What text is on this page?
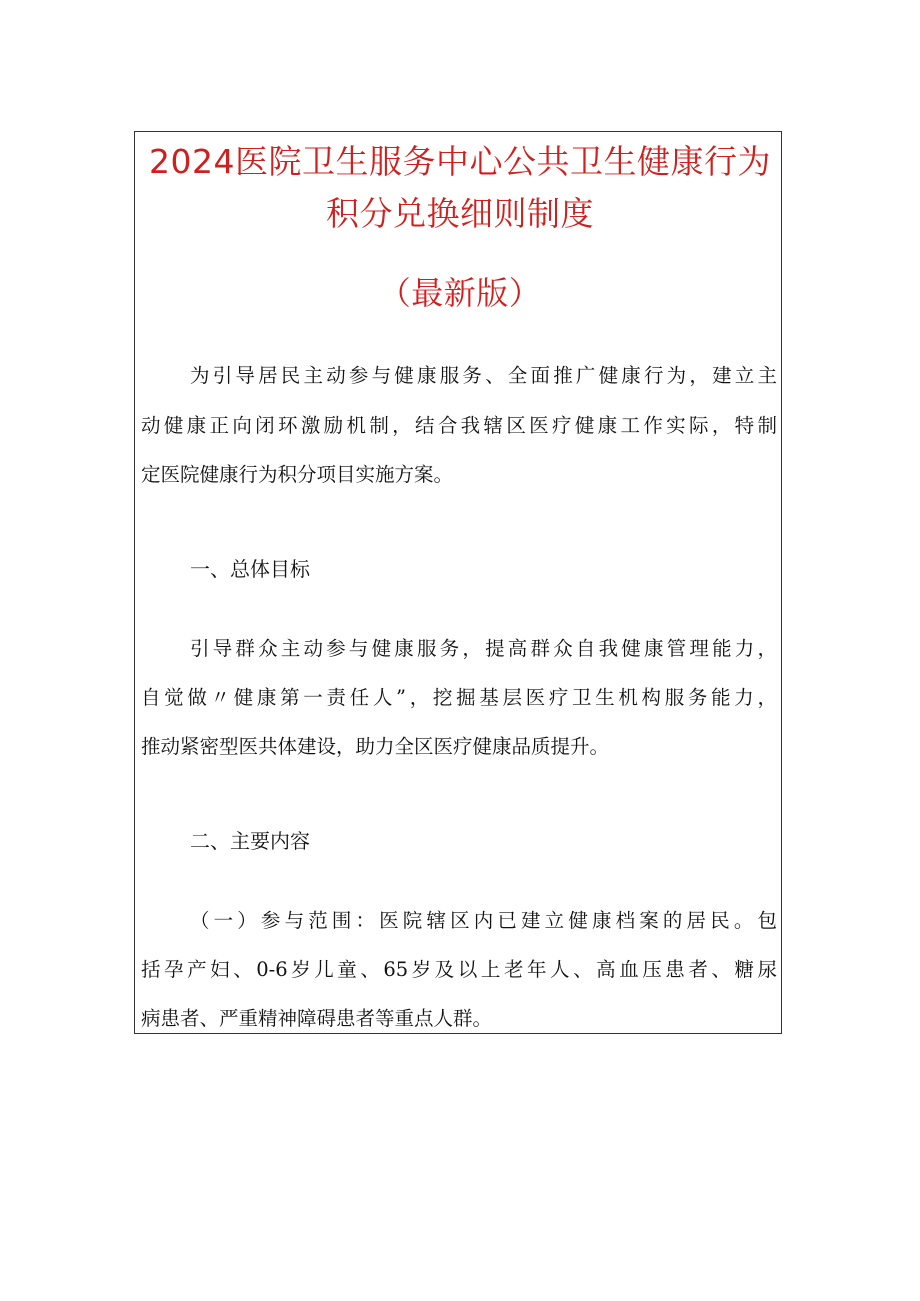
2024医院卫生服务中心公共卫生健康行为
积分兑换细则制度
（最新版）
为引导居民主动参与健康服务、全面推广健康行为，建立主
动健康正向闭环激励机制，结合我辖区医疗健康工作实际，特制
定医院健康行为积分项目实施方案。
一、总体目标
引导群众主动参与健康服务，提高群众自我健康管理能力，
自觉做〃健康第一责任人”，挖掘基层医疗卫生机构服务能力，
推动紧密型医共体建设，助力全区医疗健康品质提升。
二、主要内容
（一）参与范围：医院辖区内已建立健康档案的居民。包
括孕产妇、0-6岁儿童、65岁及以上老年人、高血压患者、糖尿
病患者、严重精神障碍患者等重点人群。
